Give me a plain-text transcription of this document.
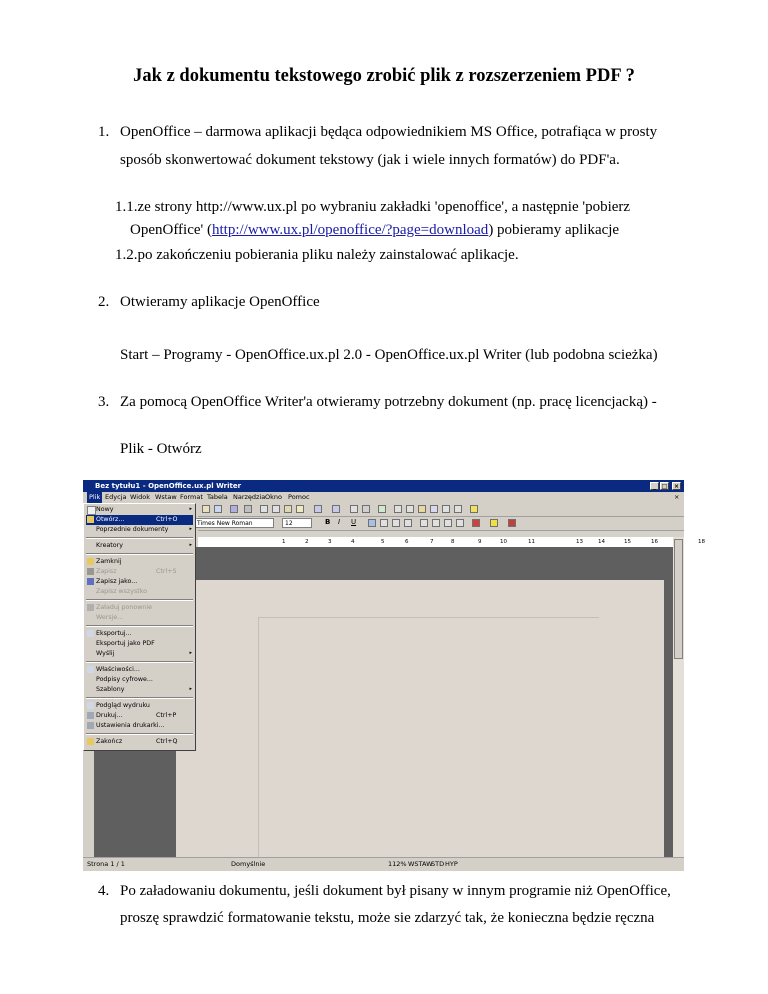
Jak z dokumentu tekstowego zrobić plik z rozszerzeniem PDF ?
1. OpenOffice – darmowa aplikacji będąca odpowiednikiem MS Office, potrafiąca w prosty
sposób skonwertować dokument tekstowy (jak i wiele innych formatów) do PDF'a.
1.1.ze strony http://www.ux.pl po wybraniu zakładki 'openoffice', a następnie 'pobierz
OpenOffice' (http://www.ux.pl/openoffice/?page=download) pobieramy aplikacje
1.2.po zakończeniu pobierania pliku należy zainstalować aplikacje.
2. Otwieramy aplikacje OpenOffice
Start – Programy - OpenOffice.ux.pl 2.0 - OpenOffice.ux.pl Writer (lub podobna scieżka)
3. Za pomocą OpenOffice Writer'a otwieramy potrzebny dokument (np. pracę licencjacką) -
Plik - Otwórz
Bez tytułu1 - OpenOffice.ux.pl Writer	_ □	×
Plik Edycja Widok Wstaw Format Tabela Narzędzia Okno Pomoc	×
Times New Roman	12	B I U
1	2	3	4	5	6	7	8	9	10	11	13	14	15	16	18
Strona 1 / 1	Domyślnie	112% WSTAW
STD HYP
Nowy	▸
Otwórz...	Ctrl+O
Poprzednie dokumenty	▸
Kreatory	▸
Zamknij
Zapisz	Ctrl+S
Zapisz jako...
Zapisz wszystko
Załaduj ponownie
Wersje...
Eksportuj...
Eksportuj jako PDF
Wyślij	▸
Właściwości...
Podpisy cyfrowe...
Szablony	▸
Podgląd wydruku
Drukuj...	Ctrl+P
Ustawienia drukarki...
Zakończ	Ctrl+Q
4. Po załadowaniu dokumentu, jeśli dokument był pisany w innym programie niż OpenOffice,
proszę sprawdzić formatowanie tekstu, może sie zdarzyć tak, że konieczna będzie ręczna
